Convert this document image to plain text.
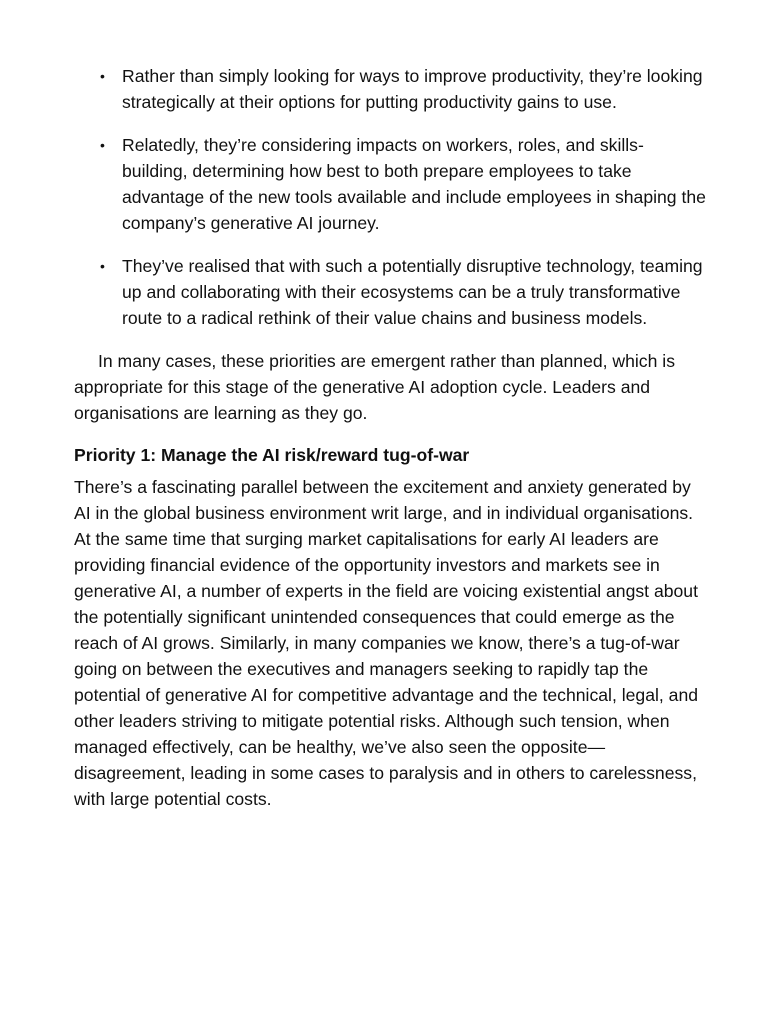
• Rather than simply looking for ways to improve productivity, they’re looking strategically at their options for putting productivity gains to use.
• Relatedly, they’re considering impacts on workers, roles, and skills-building, determining how best to both prepare employees to take advantage of the new tools available and include employees in shaping the company’s generative AI journey.
• They’ve realised that with such a potentially disruptive technology, teaming up and collaborating with their ecosystems can be a truly transformative route to a radical rethink of their value chains and business models.

In many cases, these priorities are emergent rather than planned, which is appropriate for this stage of the generative AI adoption cycle. Leaders and organisations are learning as they go.

Priority 1: Manage the AI risk/reward tug-of-war

There’s a fascinating parallel between the excitement and anxiety generated by AI in the global business environment writ large, and in individual organisations. At the same time that surging market capitalisations for early AI leaders are providing financial evidence of the opportunity investors and markets see in generative AI, a number of experts in the field are voicing existential angst about the potentially significant unintended consequences that could emerge as the reach of AI grows. Similarly, in many companies we know, there’s a tug-of-war going on between the executives and managers seeking to rapidly tap the potential of generative AI for competitive advantage and the technical, legal, and other leaders striving to mitigate potential risks. Although such tension, when managed effectively, can be healthy, we’ve also seen the opposite—disagreement, leading in some cases to paralysis and in others to carelessness, with large potential costs.
